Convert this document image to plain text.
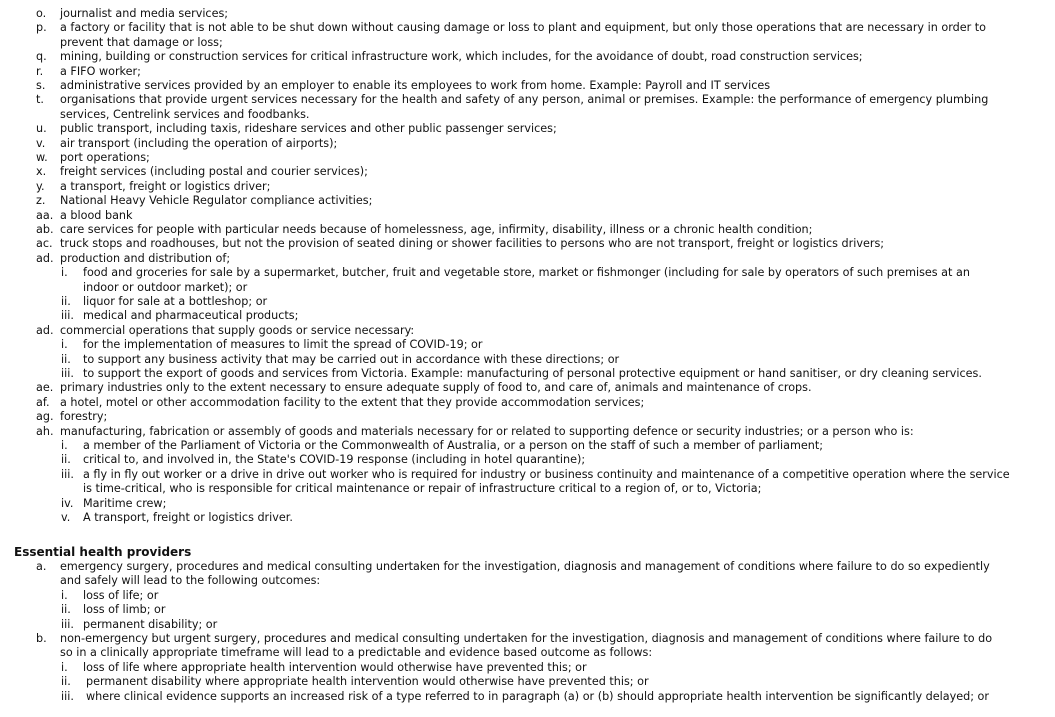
o. journalist and media services;
p. a factory or facility that is not able to be shut down without causing damage or loss to plant and equipment, but only those operations that are necessary in order to
prevent that damage or loss;
q. mining, building or construction services for critical infrastructure work, which includes, for the avoidance of doubt, road construction services;
r. a FIFO worker;
s. administrative services provided by an employer to enable its employees to work from home. Example: Payroll and IT services
t. organisations that provide urgent services necessary for the health and safety of any person, animal or premises. Example: the performance of emergency plumbing
services, Centrelink services and foodbanks.
u. public transport, including taxis, rideshare services and other public passenger services;
v. air transport (including the operation of airports);
w. port operations;
x. freight services (including postal and courier services);
y. a transport, freight or logistics driver;
z. National Heavy Vehicle Regulator compliance activities;
aa. a blood bank
ab. care services for people with particular needs because of homelessness, age, infirmity, disability, illness or a chronic health condition;
ac. truck stops and roadhouses, but not the provision of seated dining or shower facilities to persons who are not transport, freight or logistics drivers;
ad. production and distribution of;
i. food and groceries for sale by a supermarket, butcher, fruit and vegetable store, market or fishmonger (including for sale by operators of such premises at an
indoor or outdoor market); or
ii. liquor for sale at a bottleshop; or
iii. medical and pharmaceutical products;
ad. commercial operations that supply goods or service necessary:
i. for the implementation of measures to limit the spread of COVID-19; or
ii. to support any business activity that may be carried out in accordance with these directions; or
iii. to support the export of goods and services from Victoria. Example: manufacturing of personal protective equipment or hand sanitiser, or dry cleaning services.
ae. primary industries only to the extent necessary to ensure adequate supply of food to, and care of, animals and maintenance of crops.
af. a hotel, motel or other accommodation facility to the extent that they provide accommodation services;
ag. forestry;
ah. manufacturing, fabrication or assembly of goods and materials necessary for or related to supporting defence or security industries; or a person who is:
i. a member of the Parliament of Victoria or the Commonwealth of Australia, or a person on the staff of such a member of parliament;
ii. critical to, and involved in, the State's COVID-19 response (including in hotel quarantine);
iii. a fly in fly out worker or a drive in drive out worker who is required for industry or business continuity and maintenance of a competitive operation where the service
is time-critical, who is responsible for critical maintenance or repair of infrastructure critical to a region of, or to, Victoria;
iv. Maritime crew;
v. A transport, freight or logistics driver.
Essential health providers
a. emergency surgery, procedures and medical consulting undertaken for the investigation, diagnosis and management of conditions where failure to do so expediently
and safely will lead to the following outcomes:
i. loss of life; or
ii. loss of limb; or
iii. permanent disability; or
b. non-emergency but urgent surgery, procedures and medical consulting undertaken for the investigation, diagnosis and management of conditions where failure to do
so in a clinically appropriate timeframe will lead to a predictable and evidence based outcome as follows:
i. loss of life where appropriate health intervention would otherwise have prevented this; or
ii. permanent disability where appropriate health intervention would otherwise have prevented this; or
iii. where clinical evidence supports an increased risk of a type referred to in paragraph (a) or (b) should appropriate health intervention be significantly delayed; or
